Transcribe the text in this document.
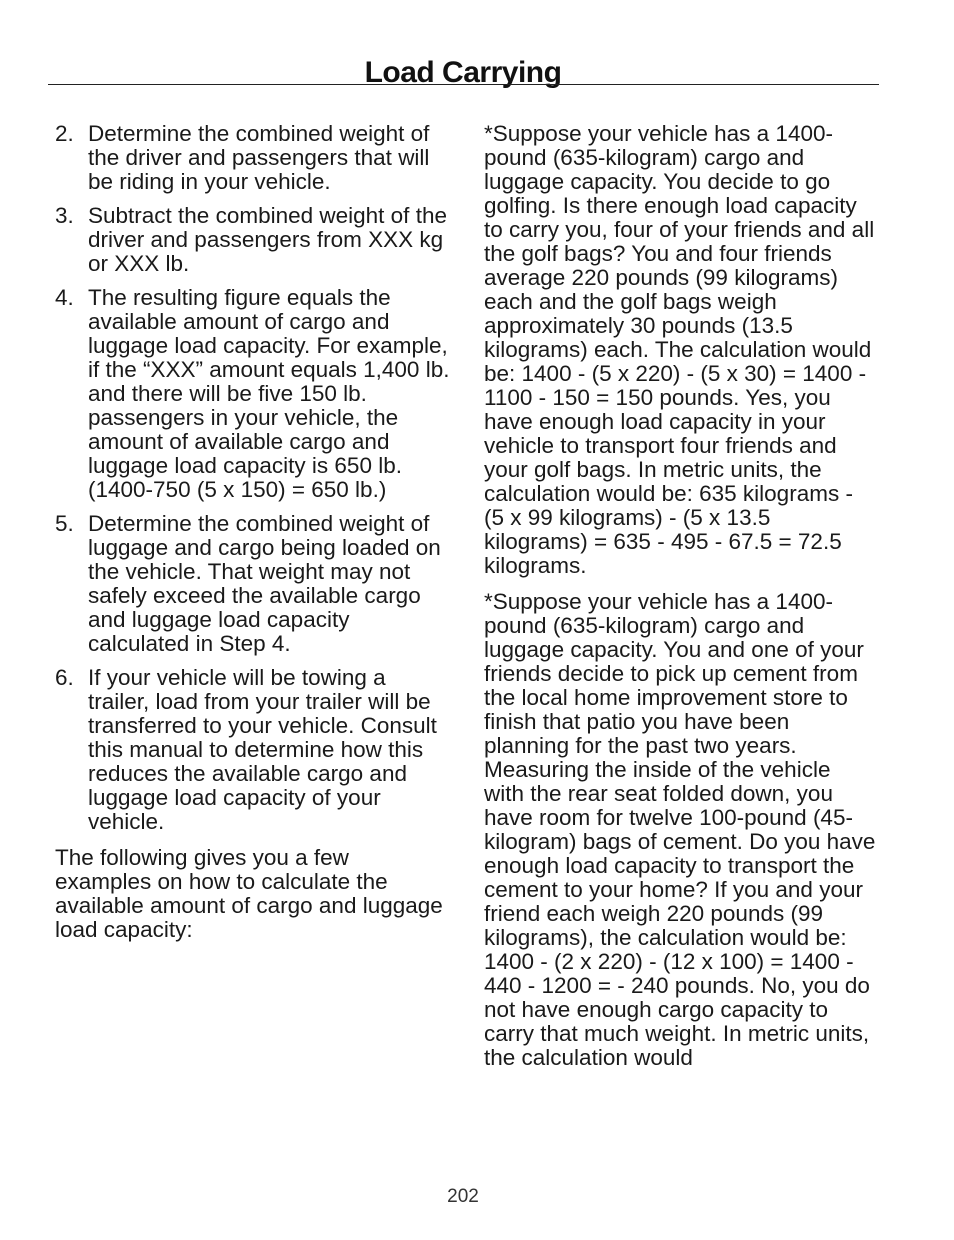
Load Carrying
2. Determine the combined weight of the driver and passengers that will be riding in your vehicle.
3. Subtract the combined weight of the driver and passengers from XXX kg or XXX lb.
4. The resulting figure equals the available amount of cargo and luggage load capacity. For example, if the “XXX” amount equals 1,400 lb. and there will be five 150 lb. passengers in your vehicle, the amount of available cargo and luggage load capacity is 650 lb. (1400-750 (5 x 150) = 650 lb.)
5. Determine the combined weight of luggage and cargo being loaded on the vehicle. That weight may not safely exceed the available cargo and luggage load capacity calculated in Step 4.
6. If your vehicle will be towing a trailer, load from your trailer will be transferred to your vehicle. Consult this manual to determine how this reduces the available cargo and luggage load capacity of your vehicle.

The following gives you a few examples on how to calculate the available amount of cargo and luggage load capacity:

*Suppose your vehicle has a 1400-pound (635-kilogram) cargo and luggage capacity. You decide to go golfing. Is there enough load capacity to carry you, four of your friends and all the golf bags? You and four friends average 220 pounds (99 kilograms) each and the golf bags weigh approximately 30 pounds (13.5 kilograms) each. The calculation would be: 1400 - (5 x 220) - (5 x 30) = 1400 - 1100 - 150 = 150 pounds. Yes, you have enough load capacity in your vehicle to transport four friends and your golf bags. In metric units, the calculation would be: 635 kilograms - (5 x 99 kilograms) - (5 x 13.5 kilograms) = 635 - 495 - 67.5 = 72.5 kilograms.

*Suppose your vehicle has a 1400-pound (635-kilogram) cargo and luggage capacity. You and one of your friends decide to pick up cement from the local home improvement store to finish that patio you have been planning for the past two years. Measuring the inside of the vehicle with the rear seat folded down, you have room for twelve 100-pound (45-kilogram) bags of cement. Do you have enough load capacity to transport the cement to your home? If you and your friend each weigh 220 pounds (99 kilograms), the calculation would be: 1400 - (2 x 220) - (12 x 100) = 1400 - 440 - 1200 = - 240 pounds. No, you do not have enough cargo capacity to carry that much weight. In metric units, the calculation would

202
